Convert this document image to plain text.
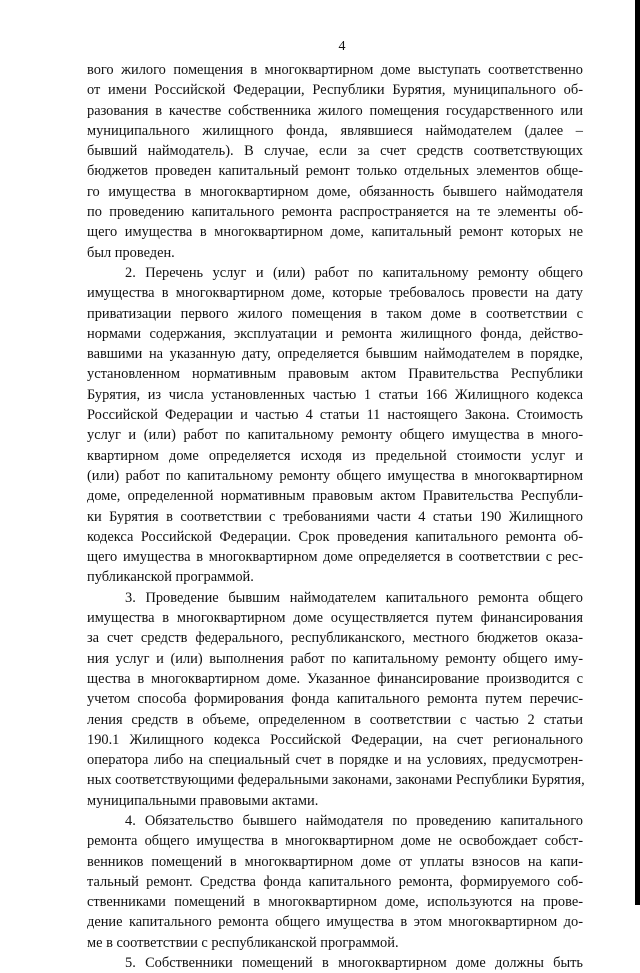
4
вого жилого помещения в многоквартирном доме выступать соответственно
от имени Российской Федерации, Республики Бурятия, муниципального об-
разования в качестве собственника жилого помещения государственного или
муниципального жилищного фонда, являвшиеся наймодателем (далее –
бывший наймодатель). В случае, если за счет средств соответствующих
бюджетов проведен капитальный ремонт только отдельных элементов обще-
го имущества в многоквартирном доме, обязанность бывшего наймодателя
по проведению капитального ремонта распространяется на те элементы об-
щего имущества в многоквартирном доме, капитальный ремонт которых не
был проведен.
2. Перечень услуг и (или) работ по капитальному ремонту общего
имущества в многоквартирном доме, которые требовалось провести на дату
приватизации первого жилого помещения в таком доме в соответствии с
нормами содержания, эксплуатации и ремонта жилищного фонда, действо-
вавшими на указанную дату, определяется бывшим наймодателем в порядке,
установленном нормативным правовым актом Правительства Республики
Бурятия, из числа установленных частью 1 статьи 166 Жилищного кодекса
Российской Федерации и частью 4 статьи 11 настоящего Закона. Стоимость
услуг и (или) работ по капитальному ремонту общего имущества в много-
квартирном доме определяется исходя из предельной стоимости услуг и
(или) работ по капитальному ремонту общего имущества в многоквартирном
доме, определенной нормативным правовым актом Правительства Республи-
ки Бурятия в соответствии с требованиями части 4 статьи 190 Жилищного
кодекса Российской Федерации. Срок проведения капитального ремонта об-
щего имущества в многоквартирном доме определяется в соответствии с рес-
публиканской программой.
3. Проведение бывшим наймодателем капитального ремонта общего
имущества в многоквартирном доме осуществляется путем финансирования
за счет средств федерального, республиканского, местного бюджетов оказа-
ния услуг и (или) выполнения работ по капитальному ремонту общего иму-
щества в многоквартирном доме. Указанное финансирование производится с
учетом способа формирования фонда капитального ремонта путем перечис-
ления средств в объеме, определенном в соответствии с частью 2 статьи
190.1 Жилищного кодекса Российской Федерации, на счет регионального
оператора либо на специальный счет в порядке и на условиях, предусмотрен-
ных соответствующими федеральными законами, законами Республики Бурятия,
муниципальными правовыми актами.
4. Обязательство бывшего наймодателя по проведению капитального
ремонта общего имущества в многоквартирном доме не освобождает собст-
венников помещений в многоквартирном доме от уплаты взносов на капи-
тальный ремонт. Средства фонда капитального ремонта, формируемого соб-
ственниками помещений в многоквартирном доме, используются на прове-
дение капитального ремонта общего имущества в этом многоквартирном до-
ме в соответствии с республиканской программой.
5. Собственники помещений в многоквартирном доме должны быть
